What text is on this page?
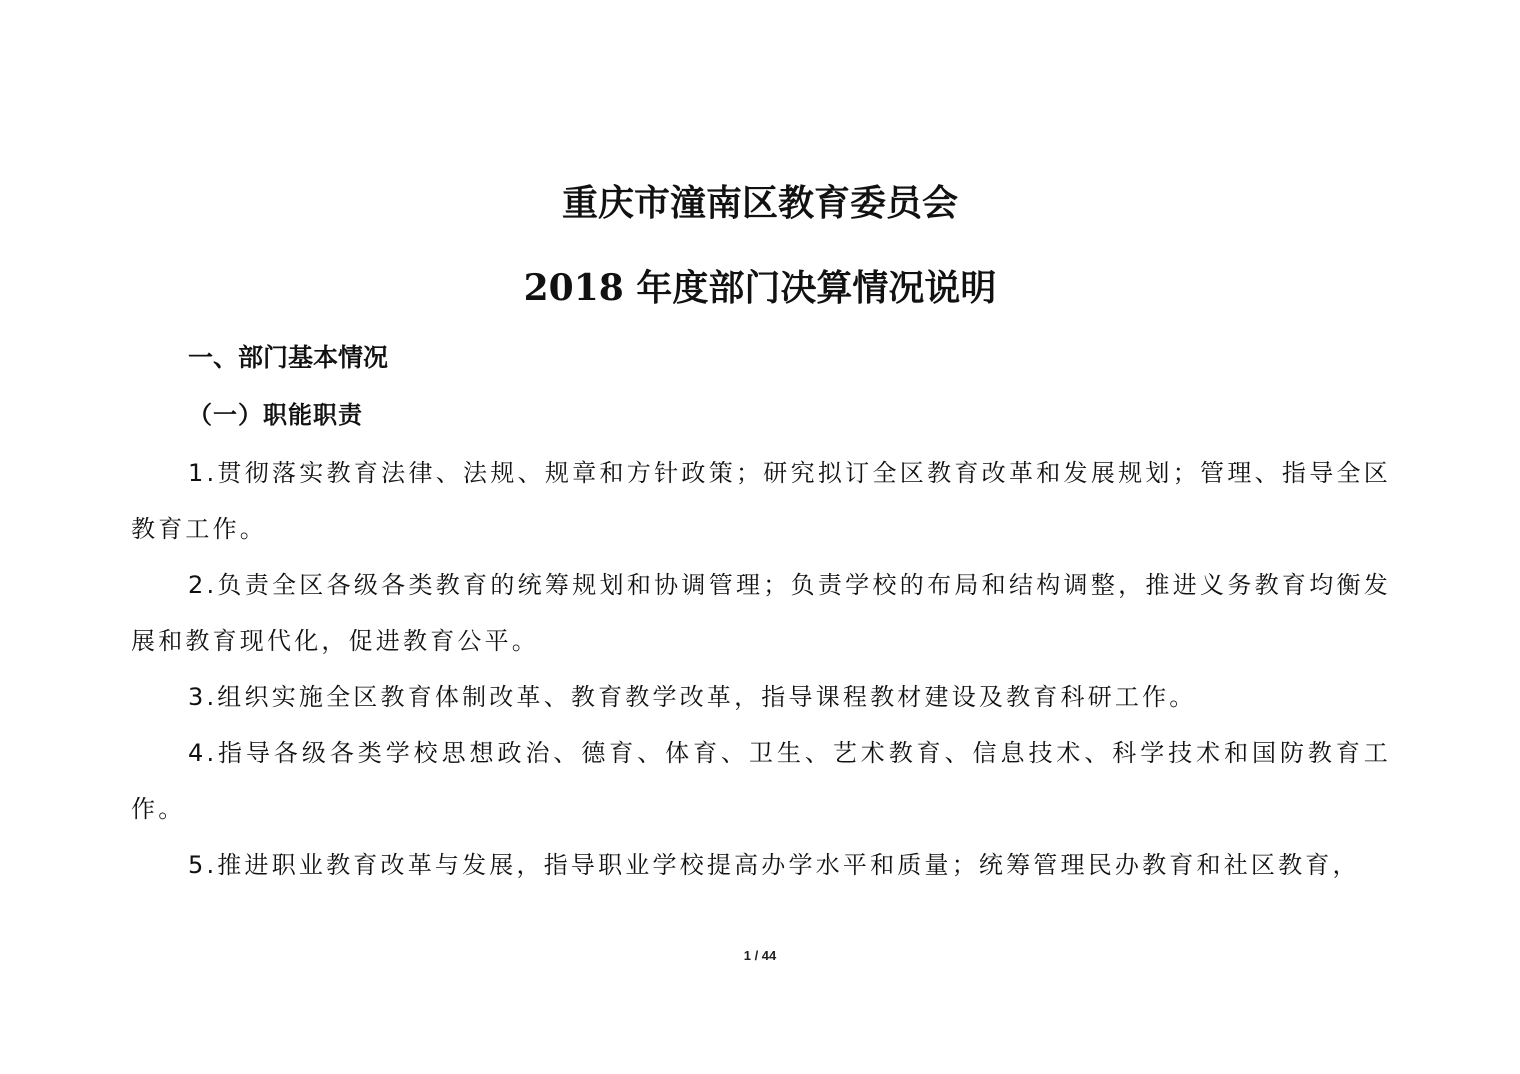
重庆市潼南区教育委员会
2018 年度部门决算情况说明
一、部门基本情况
（一）职能职责

1.贯彻落实教育法律、法规、规章和方针政策；研究拟订全区教育改革和发展规划；管理、指导全区教育工作。

2.负责全区各级各类教育的统筹规划和协调管理；负责学校的布局和结构调整，推进义务教育均衡发展和教育现代化，促进教育公平。

3.组织实施全区教育体制改革、教育教学改革，指导课程教材建设及教育科研工作。

4.指导各级各类学校思想政治、德育、体育、卫生、艺术教育、信息技术、科学技术和国防教育工作。

5.推进职业教育改革与发展，指导职业学校提高办学水平和质量；统筹管理民办教育和社区教育，

1 / 44
